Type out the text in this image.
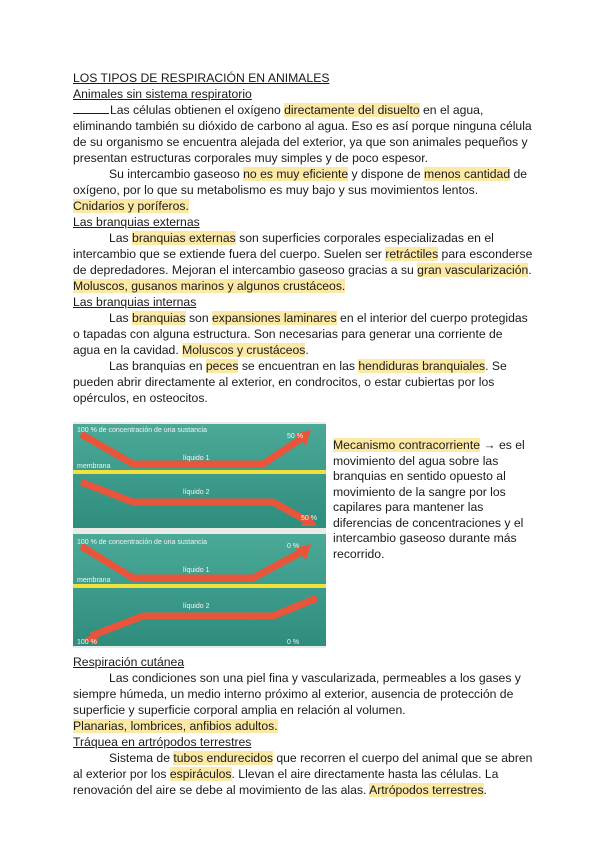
LOS TIPOS DE RESPIRACIÓN EN ANIMALES
Animales sin sistema respiratorio

Las células obtienen el oxígeno directamente del disuelto en el agua, eliminando también su dióxido de carbono al agua. Eso es así porque ninguna célula de su organismo se encuentra alejada del exterior, ya que son animales pequeños y presentan estructuras corporales muy simples y de poco espesor.

Su intercambio gaseoso no es muy eficiente y dispone de menos cantidad de oxígeno, por lo que su metabolismo es muy bajo y sus movimientos lentos.

Cnidarios y poríferos.

Las branquias externas

Las branquias externas son superficies corporales especializadas en el intercambio que se extiende fuera del cuerpo. Suelen ser retráctiles para esconderse de depredadores. Mejoran el intercambio gaseoso gracias a su gran vascularización.

Moluscos, gusanos marinos y algunos crustáceos.

Las branquias internas

Las branquias son expansiones laminares en el interior del cuerpo protegidas o tapadas con alguna estructura. Son necesarias para generar una corriente de agua en la cavidad. Moluscos y crustáceos.

Las branquias en peces se encuentran en las hendiduras branquiales. Se pueden abrir directamente al exterior, en condrocitos, o estar cubiertas por los opérculos, en osteocitos.

100 % de concentración de una sustancia
50 %
membrana
líquido 1
líquido 2
50 %
100 % de concentración de una sustancia
0 %
membrana
líquido 1
líquido 2
100 %	0 %
Mecanismo contracorriente → es el movimiento del agua sobre las branquias en sentido opuesto al movimiento de la sangre por los capilares para mantener las diferencias de concentraciones y el intercambio gaseoso durante más recorrido.
Respiración cutánea

Las condiciones son una piel fina y vascularizada, permeables a los gases y siempre húmeda, un medio interno próximo al exterior, ausencia de protección de superficie y superficie corporal amplia en relación al volumen.

Planarias, lombrices, anfibios adultos.

Tráquea en artrópodos terrestres

Sistema de tubos endurecidos que recorren el cuerpo del animal que se abren al exterior por los espiráculos. Llevan el aire directamente hasta las células. La renovación del aire se debe al movimiento de las alas. Artrópodos terrestres.
